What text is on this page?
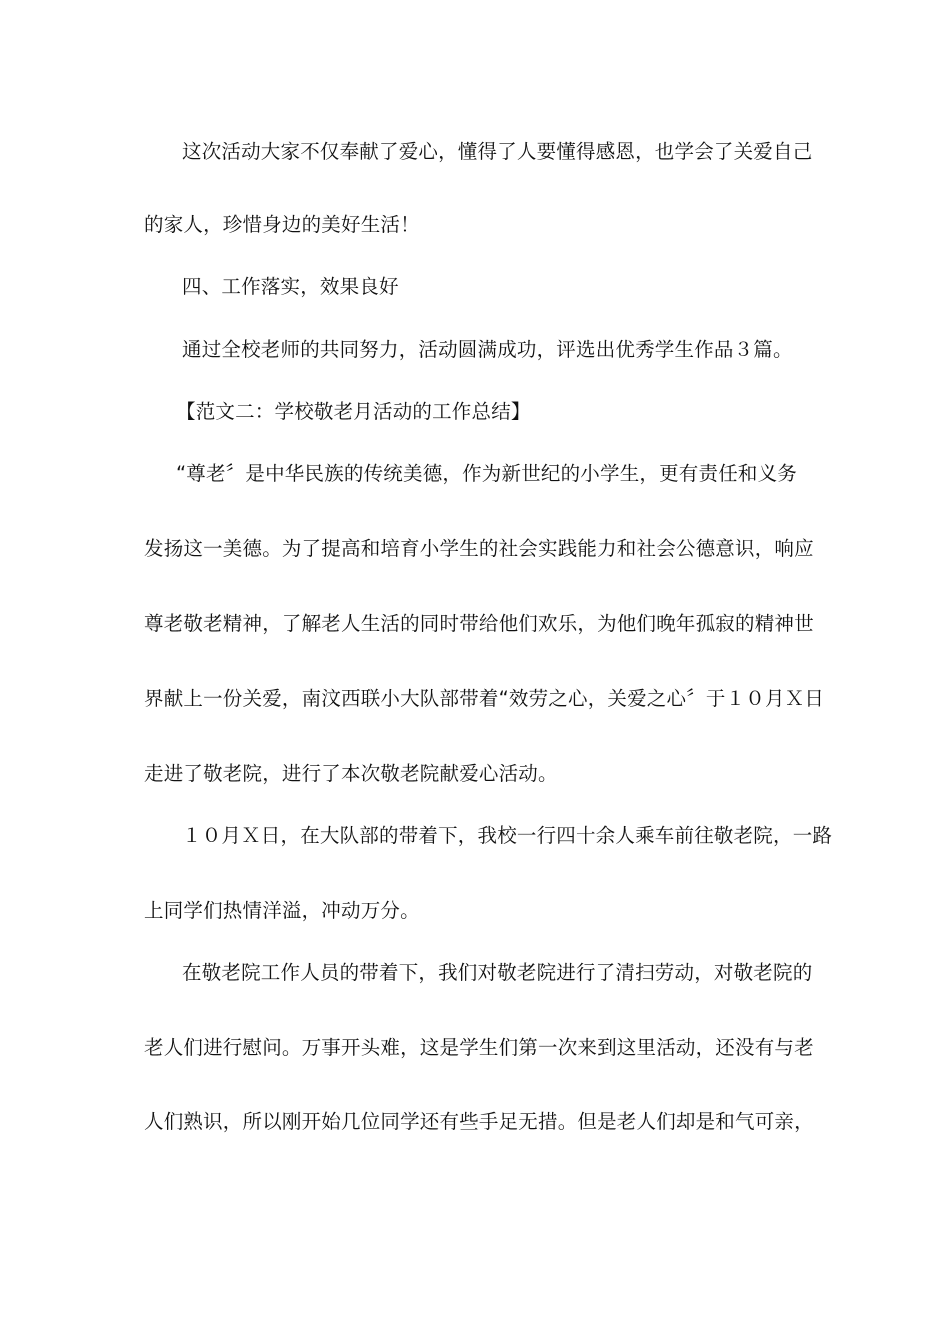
这次活动大家不仅奉献了爱心，懂得了人要懂得感恩，也学会了关爱自己
的家人，珍惜身边的美好生活！
四、工作落实，效果良好
通过全校老师的共同努力，活动圆满成功，评选出优秀学生作品３篇。
【范文二：学校敬老月活动的工作总结】
“尊老〞是中华民族的传统美德，作为新世纪的小学生，更有责任和义务
发扬这一美德。为了提高和培育小学生的社会实践能力和社会公德意识，响应
尊老敬老精神，了解老人生活的同时带给他们欢乐，为他们晚年孤寂的精神世
界献上一份关爱，南汶西联小大队部带着“效劳之心，关爱之心〞于１０月Ｘ日
走进了敬老院，进行了本次敬老院献爱心活动。
１０月Ｘ日，在大队部的带着下，我校一行四十余人乘车前往敬老院，一路
上同学们热情洋溢，冲动万分。
在敬老院工作人员的带着下，我们对敬老院进行了清扫劳动，对敬老院的
老人们进行慰问。万事开头难，这是学生们第一次来到这里活动，还没有与老
人们熟识，所以刚开始几位同学还有些手足无措。但是老人们却是和气可亲，
